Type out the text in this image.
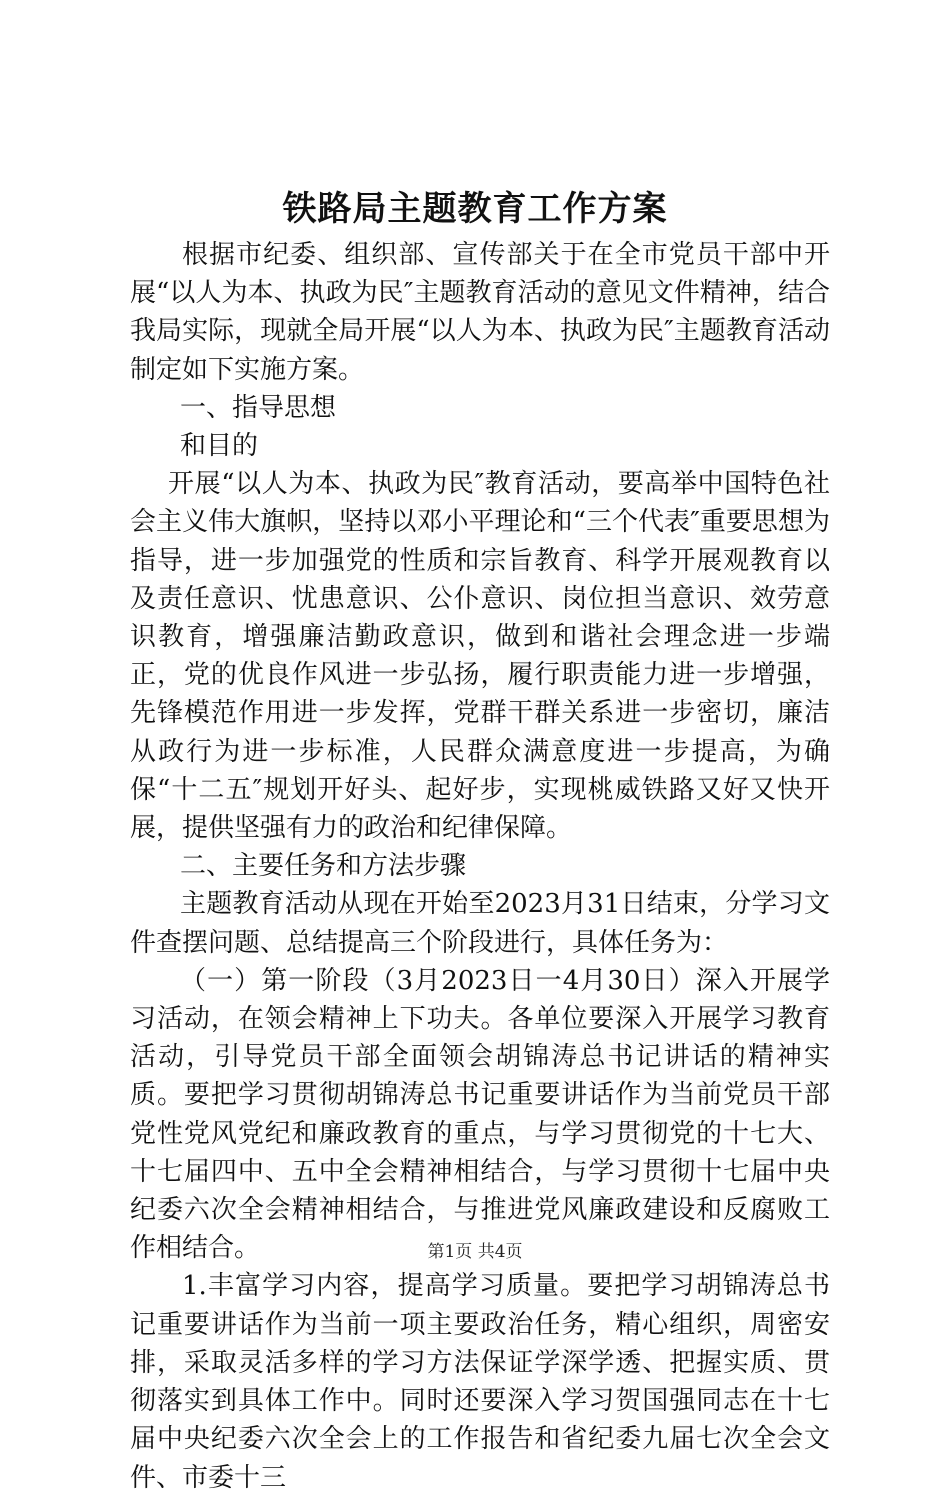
铁路局主题教育工作方案

根据市纪委、组织部、宣传部关于在全市党员干部中开展“以人为本、执政为民″主题教育活动的意见文件精神，结合我局实际，现就全局开展“以人为本、执政为民″主题教育活动制定如下实施方案。

一、指导思想

和目的

开展“以人为本、执政为民″教育活动，要高举中国特色社会主义伟大旗帜，坚持以邓小平理论和“三个代表″重要思想为指导，进一步加强党的性质和宗旨教育、科学开展观教育以及责任意识、忧患意识、公仆意识、岗位担当意识、效劳意识教育，增强廉洁勤政意识，做到和谐社会理念进一步端正，党的优良作风进一步弘扬，履行职责能力进一步增强，先锋模范作用进一步发挥，党群干群关系进一步密切，廉洁从政行为进一步标准，人民群众满意度进一步提高，为确保“十二五″规划开好头、起好步，实现桃威铁路又好又快开展，提供坚强有力的政治和纪律保障。

二、主要任务和方法步骤

主题教育活动从现在开始至2023月31日结束，分学习文件查摆问题、总结提高三个阶段进行，具体任务为：

（一）第一阶段（3月2023日一4月30日）深入开展学习活动，在领会精神上下功夫。各单位要深入开展学习教育活动，引导党员干部全面领会胡锦涛总书记讲话的精神实质。要把学习贯彻胡锦涛总书记重要讲话作为当前党员干部党性党风党纪和廉政教育的重点，与学习贯彻党的十七大、十七届四中、五中全会精神相结合，与学习贯彻十七届中央纪委六次全会精神相结合，与推进党风廉政建设和反腐败工作相结合。

1.丰富学习内容，提高学习质量。要把学习胡锦涛总书记重要讲话作为当前一项主要政治任务，精心组织，周密安排，采取灵活多样的学习方法保证学深学透、把握实质、贯彻落实到具体工作中。同时还要深入学习贺国强同志在十七届中央纪委六次全会上的工作报告和省纪委九届七次全会文件、市委十三

第1页 共4页
